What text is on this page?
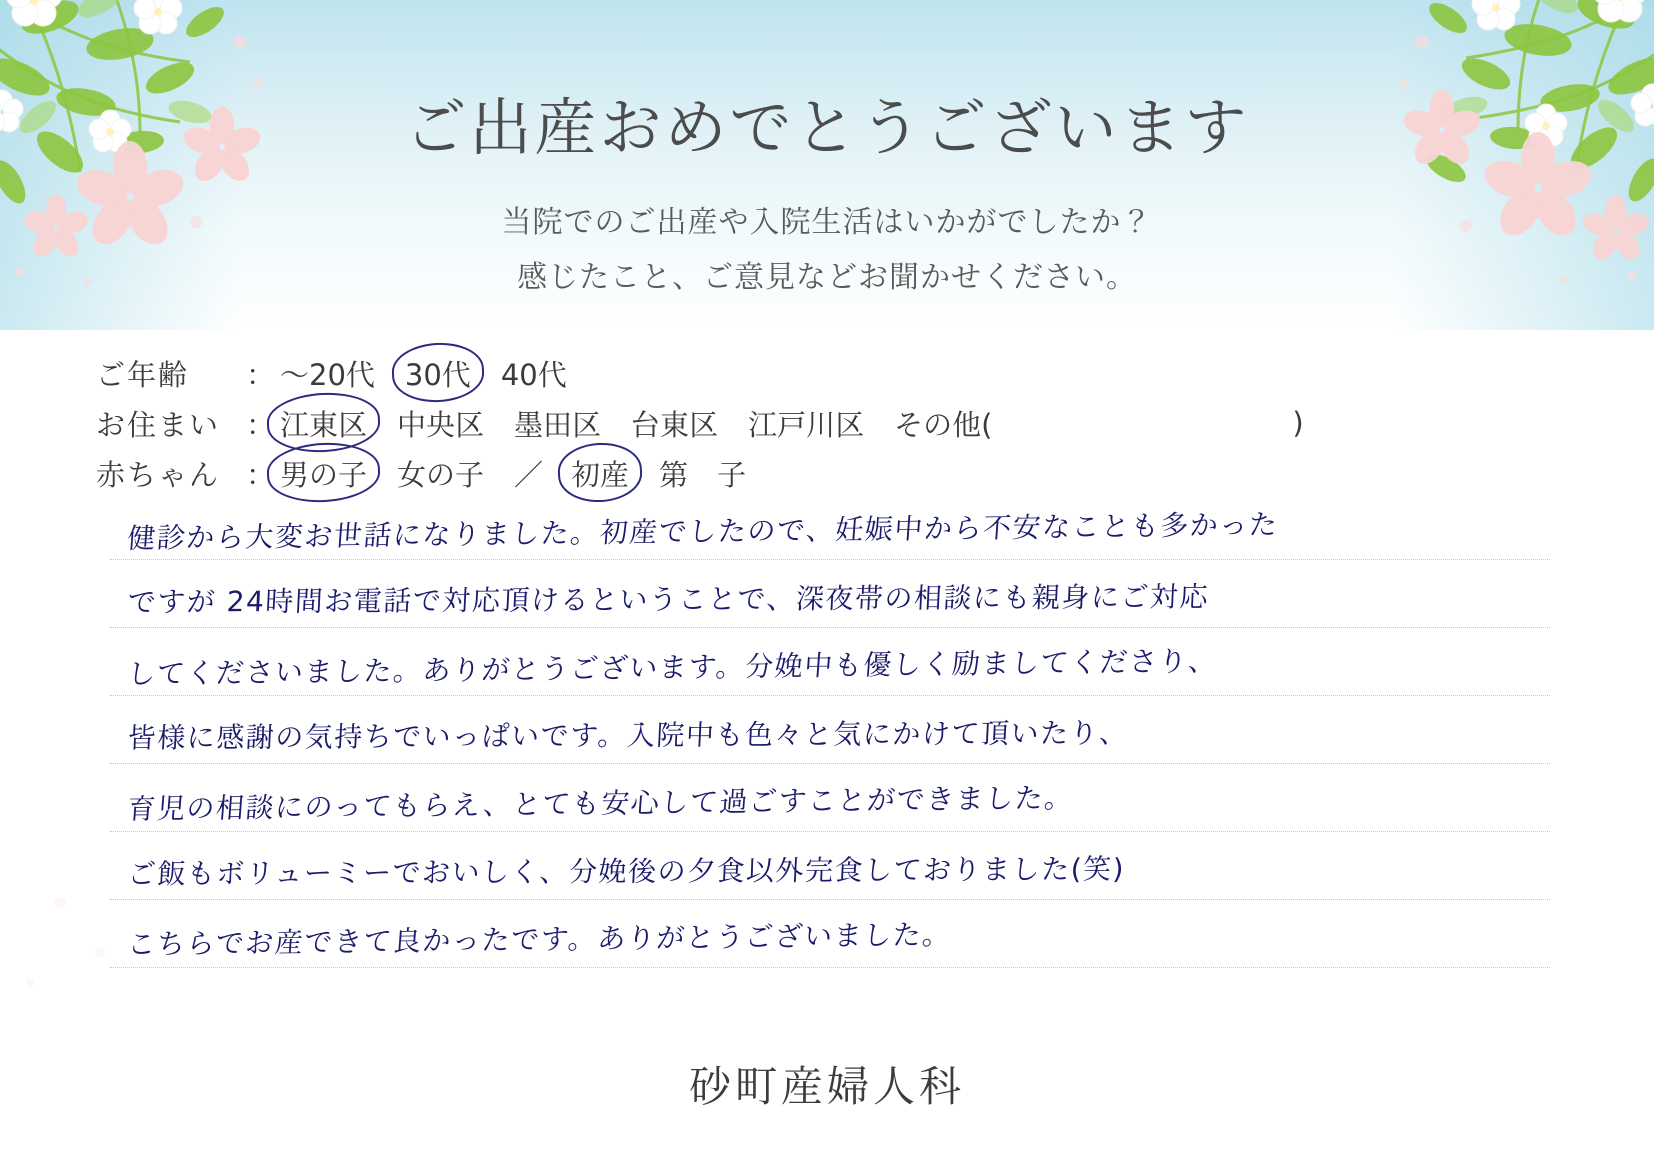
ご出産おめでとうございます
当院でのご出産や入院生活はいかがでしたか？
感じたこと、ご意見などお聞かせください。
ご年齢	： ～20代 30代 40代
お住まい ： 江東区 中央区 墨田区 台東区 江戸川区 その他(	)
赤ちゃん ： 男の子 女の子 ／ 初産 第　子
健診から大変お世話になりました。初産でしたので、妊娠中から不安なことも多かった
ですが 24時間お電話で対応頂けるということで、深夜帯の相談にも親身にご対応
してくださいました。ありがとうございます。分娩中も優しく励ましてくださり、
皆様に感謝の気持ちでいっぱいです。入院中も色々と気にかけて頂いたり、
育児の相談にのってもらえ、とても安心して過ごすことができました。
ご飯もボリューミーでおいしく、分娩後の夕食以外完食しておりました(笑)
こちらでお産できて良かったです。ありがとうございました。
砂町産婦人科
